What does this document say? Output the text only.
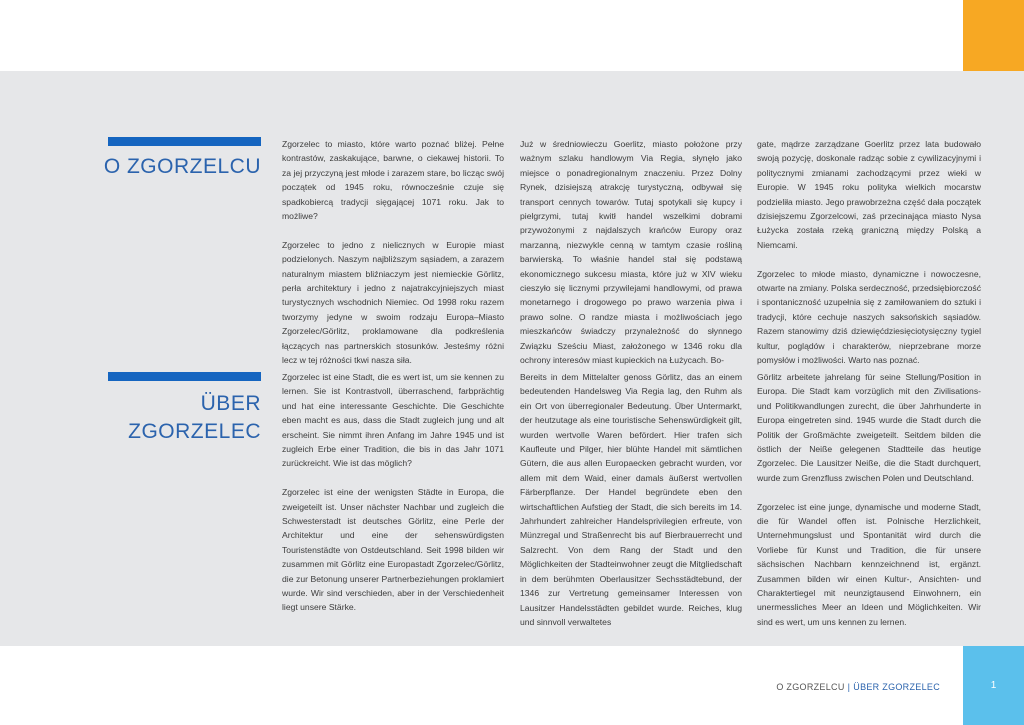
O ZGORZELCU

Zgorzelec to miasto, które warto poznać bliżej. Pełne kontrastów, zaskakujące, barwne, o ciekawej historii. To za jej przyczyną jest młode i zarazem stare, bo licząc swój początek od 1945 roku, równocześnie czuje się spadkobiercą tradycji sięgającej 1071 roku. Jak to możliwe?

Zgorzelec to jedno z nielicznych w Europie miast podzielonych. Naszym najbliższym sąsiadem, a zarazem naturalnym miastem bliźniaczym jest niemieckie Görlitz, perła architektury i jedno z najatrakcyjniejszych miast turystycznych wschodnich Niemiec. Od 1998 roku razem tworzymy jedyne w swoim rodzaju Europa–Miasto Zgorzelec/Görlitz, proklamowane dla podkreślenia łączących nas partnerskich stosunków. Jesteśmy różni lecz w tej różności tkwi nasza siła.

Już w średniowieczu Goerlitz, miasto położone przy ważnym szlaku handlowym Via Regia, słynęło jako miejsce o ponadregionalnym znaczeniu. Przez Dolny Rynek, dzisiejszą atrakcję turystyczną, odbywał się transport cennych towarów. Tutaj spotykali się kupcy i pielgrzymi, tutaj kwitł handel wszelkimi dobrami przywożonymi z najdalszych krańców Europy oraz marzanną, niezwykle cenną w tamtym czasie rośliną barwierską. To właśnie handel stał się podstawą ekonomicznego sukcesu miasta, które już w XIV wieku cieszyło się licznymi przywilejami handlowymi, od prawa monetarnego i drogowego po prawo warzenia piwa i prawo solne. O randze miasta i możliwościach jego mieszkańców świadczy przynależność do słynnego Związku Sześciu Miast, założonego w 1346 roku dla ochrony interesów miast kupieckich na Łużycach. Bo-

gate, mądrze zarządzane Goerlitz przez lata budowało swoją pozycję, doskonale radząc sobie z cywilizacyjnymi i politycznymi zmianami zachodzącymi przez wieki w Europie. W 1945 roku polityka wielkich mocarstw podzieliła miasto. Jego prawobrzeżna część dała początek dzisiejszemu Zgorzelcowi, zaś przecinająca miasto Nysa Łużycka została rzeką graniczną między Polską a Niemcami.

Zgorzelec to młode miasto, dynamiczne i nowoczesne, otwarte na zmiany. Polska serdeczność, przedsiębiorczość i spontaniczność uzupełnia się z zamiłowaniem do sztuki i tradycji, które cechuje naszych saksońskich sąsiadów. Razem stanowimy dziś dziewięćdziesięciotysięczny tygiel kultur, poglądów i charakterów, nieprzebrane morze pomysłów i możliwości. Warto nas poznać.

ÜBER
ZGORZELEC

Zgorzelec ist eine Stadt, die es wert ist, um sie kennen zu lernen. Sie ist Kontrastvoll, überraschend, farbprächtig und hat eine interessante Geschichte. Die Geschichte eben macht es aus, dass die Stadt zugleich jung und alt erscheint. Sie nimmt ihren Anfang im Jahre 1945 und ist zugleich Erbe einer Tradition, die bis in das Jahr 1071 zurückreicht. Wie ist das möglich?

Zgorzelec ist eine der wenigsten Städte in Europa, die zweigeteilt ist. Unser nächster Nachbar und zugleich die Schwesterstadt ist deutsches Görlitz, eine Perle der Architektur und eine der sehenswürdigsten Touristenstädte von Ostdeutschland. Seit 1998 bilden wir zusammen mit Görlitz eine Europastadt Zgorzelec/Görlitz, die zur Betonung unserer Partnerbeziehungen proklamiert wurde. Wir sind verschieden, aber in der Verschiedenheit liegt unsere Stärke.

Bereits in dem Mittelalter genoss Görlitz, das an einem bedeutenden Handelsweg Via Regia lag, den Ruhm als ein Ort von überregionaler Bedeutung. Über Untermarkt, der heutzutage als eine touristische Sehenswürdigkeit gilt, wurden wertvolle Waren befördert. Hier trafen sich Kaufleute und Pilger, hier blühte Handel mit sämtlichen Gütern, die aus allen Europaecken gebracht wurden, vor allem mit dem Waid, einer damals äußerst wertvollen Färberpflanze. Der Handel begründete eben den wirtschaftlichen Aufstieg der Stadt, die sich bereits im 14. Jahrhundert zahlreicher Handelsprivilegien erfreute, von Münzregal und Straßenrecht bis auf Bierbrauerrecht und Salzrecht. Von dem Rang der Stadt und den Möglichkeiten der Stadteinwohner zeugt die Mitgliedschaft in dem berühmten Oberlausitzer Sechsstädtebund, der 1346 zur Vertretung gemeinsamer Interessen von Lausitzer Handelsstädten gebildet wurde. Reiches, klug und sinnvoll verwaltetes

Görlitz arbeitete jahrelang für seine Stellung/Position in Europa. Die Stadt kam vorzüglich mit den Zivilisations- und Politikwandlungen zurecht, die über Jahrhunderte in Europa eingetreten sind. 1945 wurde die Stadt durch die Politik der Großmächte zweigeteilt. Seitdem bilden die östlich der Neiße gelegenen Stadtteile das heutige Zgorzelec. Die Lausitzer Neiße, die die Stadt durchquert, wurde zum Grenzfluss zwischen Polen und Deutschland.

Zgorzelec ist eine junge, dynamische und moderne Stadt, die für Wandel offen ist. Polnische Herzlichkeit, Unternehmungslust und Spontanität wird durch die Vorliebe für Kunst und Tradition, die für unsere sächsischen Nachbarn kennzeichnend ist, ergänzt. Zusammen bilden wir einen Kultur-, Ansichten- und Charaktertiegel mit neunzigtausend Einwohnern, ein unermessliches Meer an Ideen und Möglichkeiten. Wir sind es wert, um uns kennen zu lernen.

O ZGORZELCU | ÜBER ZGORZELEC	1
